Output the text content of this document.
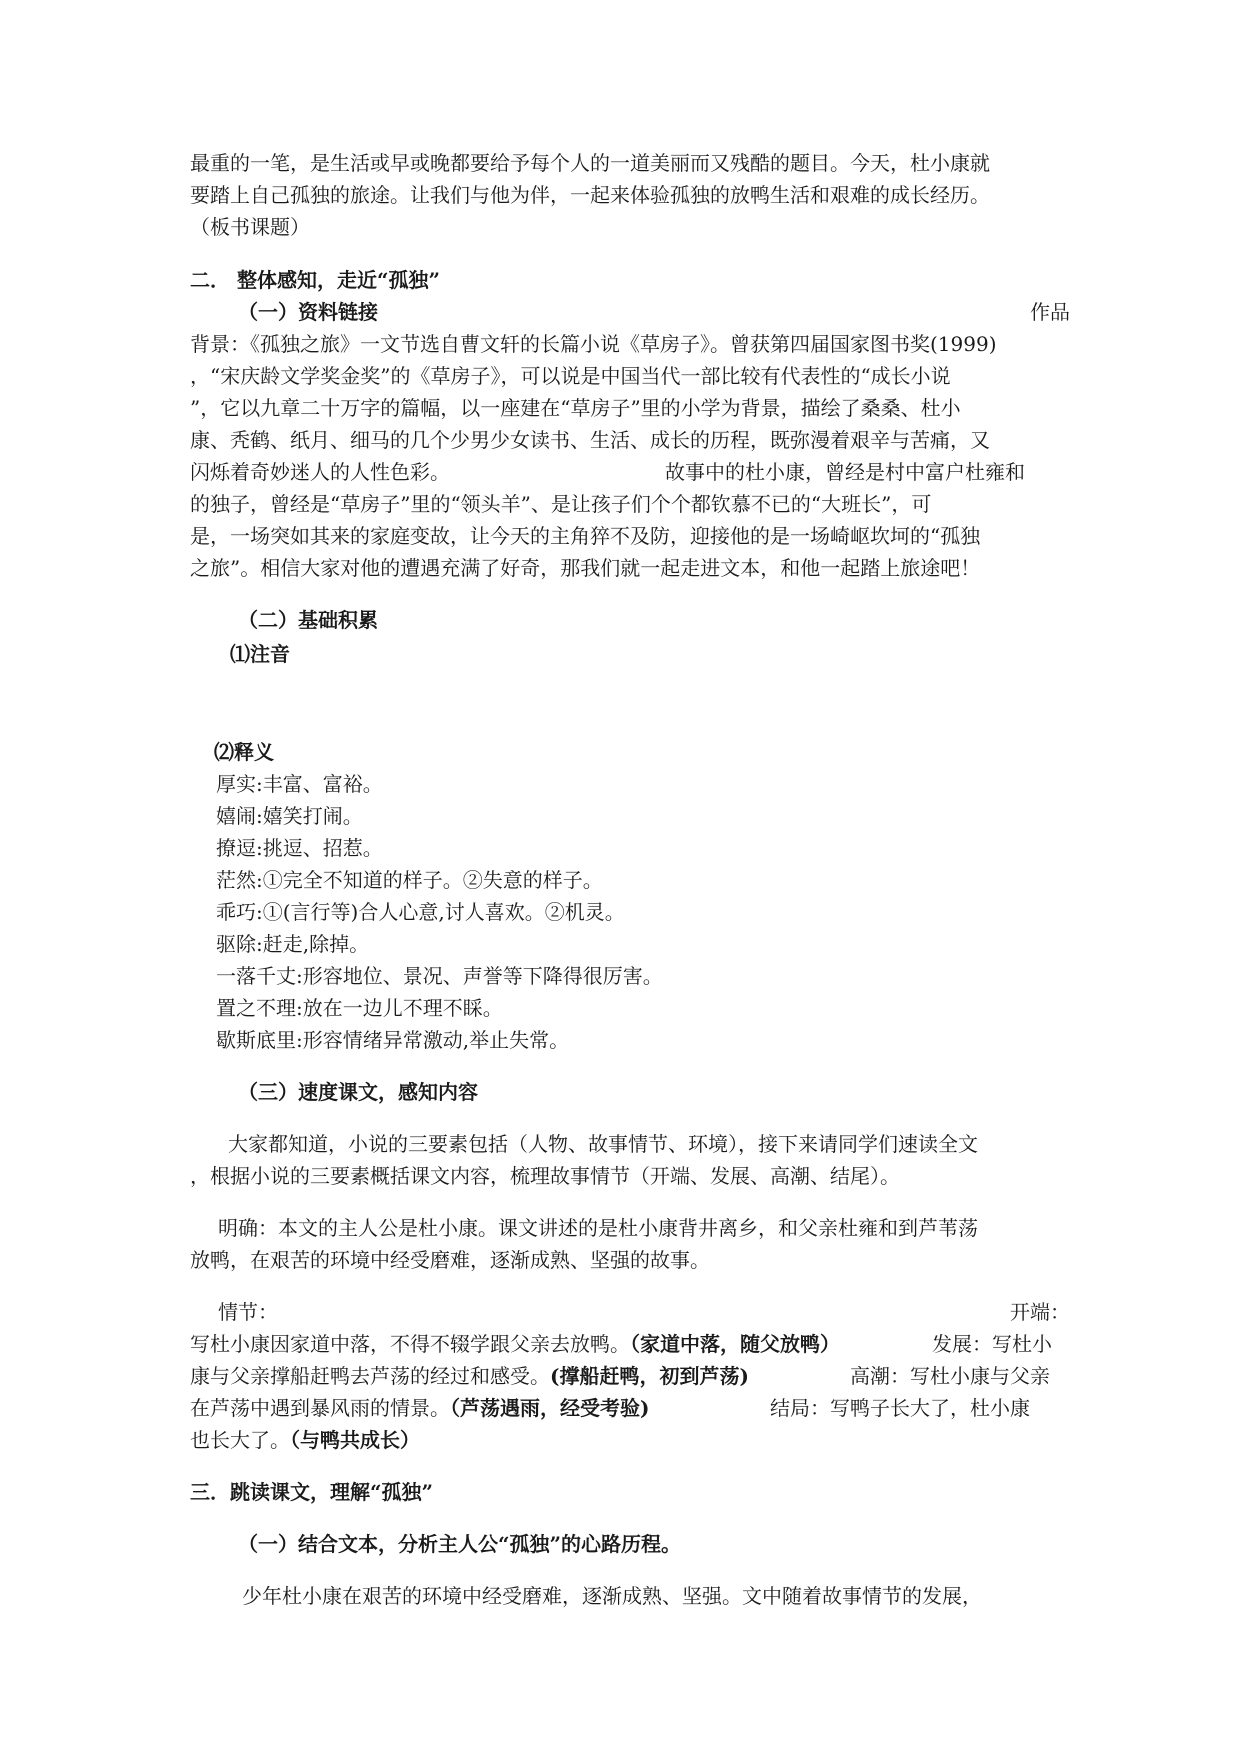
最重的一笔，是生活或早或晚都要给予每个人的一道美丽而又残酷的题目。今天，杜小康就
要踏上自己孤独的旅途。让我们与他为伴，一起来体验孤独的放鸭生活和艰难的成长经历。
（板书课题）
二． 整体感知，走近“孤独”
（一）资料链接	作品
背景：《孤独之旅》一文节选自曹文轩的长篇小说《草房子》。曾获第四届国家图书奖(1999)
，“宋庆龄文学奖金奖”的《草房子》，可以说是中国当代一部比较有代表性的“成长小说
”，它以九章二十万字的篇幅，以一座建在“草房子”里的小学为背景，描绘了桑桑、杜小
康、秃鹤、纸月、细马的几个少男少女读书、生活、成长的历程，既弥漫着艰辛与苦痛，又
闪烁着奇妙迷人的人性色彩。	故事中的杜小康，曾经是村中富户杜雍和
的独子，曾经是“草房子”里的“领头羊”、是让孩子们个个都钦慕不已的“大班长”，可
是，一场突如其来的家庭变故，让今天的主角猝不及防，迎接他的是一场崎岖坎坷的“孤独
之旅”。相信大家对他的遭遇充满了好奇，那我们就一起走进文本，和他一起踏上旅途吧！
（二）基础积累
⑴注音
⑵释义
厚实:丰富、富裕。
嬉闹:嬉笑打闹。
撩逗:挑逗、招惹。
茫然:①完全不知道的样子。②失意的样子。
乖巧:①(言行等)合人心意,讨人喜欢。②机灵。
驱除:赶走,除掉。
一落千丈:形容地位、景况、声誉等下降得很厉害。
置之不理:放在一边儿不理不睬。
歇斯底里:形容情绪异常激动,举止失常。
（三）速度课文，感知内容
大家都知道，小说的三要素包括（人物、故事情节、环境），接下来请同学们速读全文
，根据小说的三要素概括课文内容，梳理故事情节（开端、发展、高潮、结尾）。
明确：本文的主人公是杜小康。课文讲述的是杜小康背井离乡，和父亲杜雍和到芦苇荡
放鸭，在艰苦的环境中经受磨难，逐渐成熟、坚强的故事。
情节：	开端：
写杜小康因家道中落，不得不辍学跟父亲去放鸭。（家道中落，随父放鸭）	发展：写杜小
康与父亲撑船赶鸭去芦荡的经过和感受。(撑船赶鸭，初到芦荡)	高潮：写杜小康与父亲
在芦荡中遇到暴风雨的情景。（芦荡遇雨，经受考验)	结局：写鸭子长大了，杜小康
也长大了。（与鸭共成长）
三．跳读课文，理解“孤独”
（一）结合文本，分析主人公“孤独”的心路历程。
少年杜小康在艰苦的环境中经受磨难，逐渐成熟、坚强。文中随着故事情节的发展，
